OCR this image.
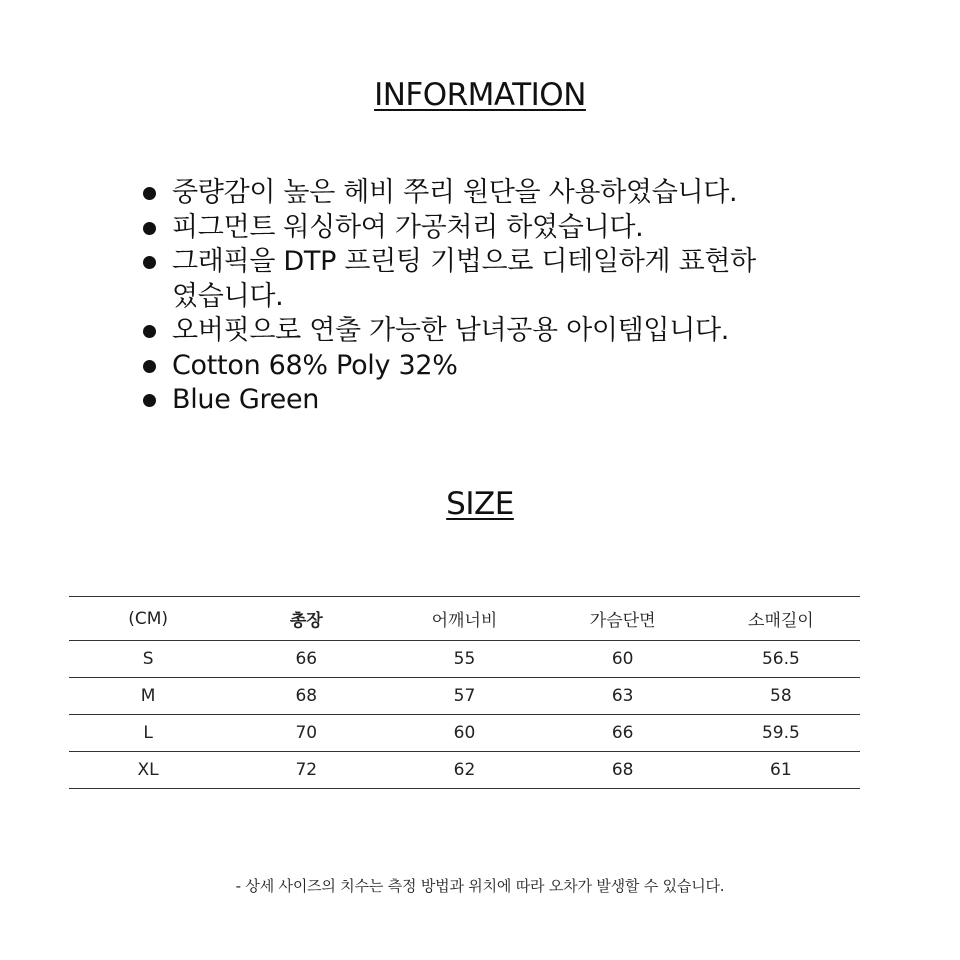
INFORMATION
중량감이 높은 헤비 쭈리 원단을 사용하였습니다.
피그먼트 워싱하여 가공처리 하였습니다.
그래픽을 DTP 프린팅 기법으로 디테일하게 표현하였습니다.
오버핏으로 연출 가능한 남녀공용 아이템입니다.
Cotton 68% Poly 32%
Blue Green
SIZE
(CM)	총장	어깨너비	가슴단면	소매길이
S	66	55	60	56.5
M	68	57	63	58
L	70	60	66	59.5
XL	72	62	68	61
- 상세 사이즈의 치수는 측정 방법과 위치에 따라 오차가 발생할 수 있습니다.
